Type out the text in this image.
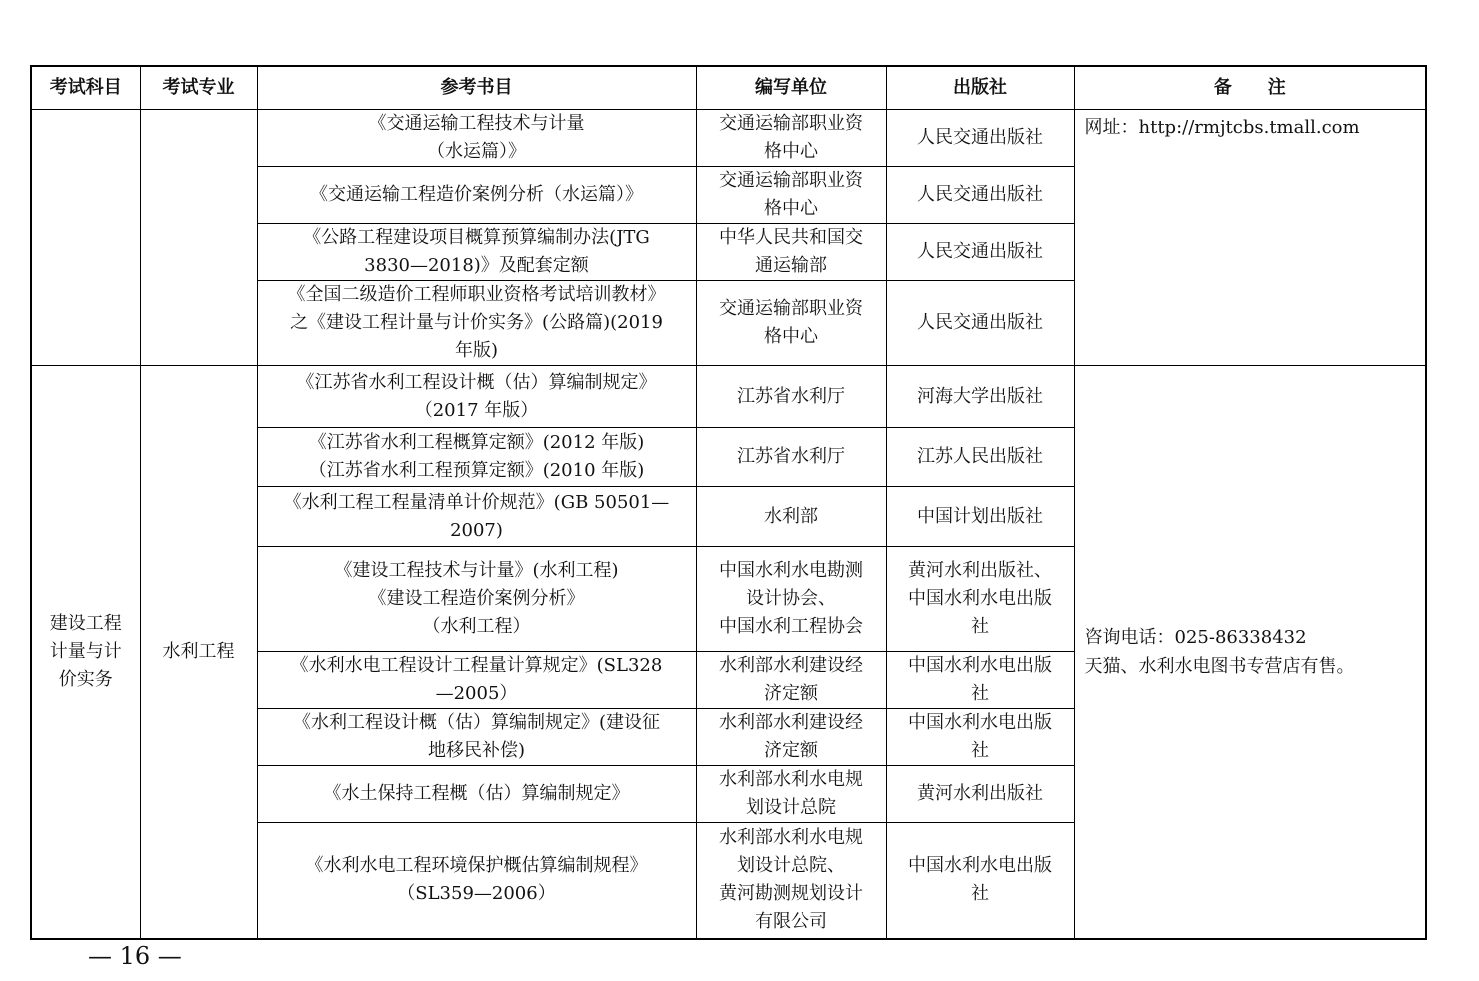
考试科目	考试专业	参考书目	编写单位	出版社	备　　注

		《交通运输工程技术与计量
（水运篇）》	交通运输部职业资
格中心	人民交通出版社	网址：http://rmjtcbs.tmall.com

		《交通运输工程造价案例分析（水运篇）》	交通运输部职业资
格中心	人民交通出版社	

		《公路工程建设项目概算预算编制办法(JTG
3830—2018)》及配套定额	中华人民共和国交
通运输部	人民交通出版社	

		《全国二级造价工程师职业资格考试培训教材》
之《建设工程计量与计价实务》(公路篇)(2019
年版)	交通运输部职业资
格中心	人民交通出版社	

建设工程
计量与计
价实务	水利工程	《江苏省水利工程设计概（估）算编制规定》
（2017 年版）	江苏省水利厅	河海大学出版社	咨询电话：025-86338432
天猫、水利水电图书专营店有售。

		《江苏省水利工程概算定额》(2012 年版)
（江苏省水利工程预算定额》(2010 年版)	江苏省水利厅	江苏人民出版社	

		《水利工程工程量清单计价规范》(GB 50501—
2007)	水利部	中国计划出版社	

		《建设工程技术与计量》(水利工程)
《建设工程造价案例分析》
（水利工程）	中国水利水电勘测
设计协会、
中国水利工程协会	黄河水利出版社、
中国水利水电出版
社	

		《水利水电工程设计工程量计算规定》(SL328
—2005）	水利部水利建设经
济定额	中国水利水电出版
社	

		《水利工程设计概（估）算编制规定》(建设征
地移民补偿)	水利部水利建设经
济定额	中国水利水电出版
社	

		《水土保持工程概（估）算编制规定》	水利部水利水电规
划设计总院	黄河水利出版社	

		《水利水电工程环境保护概估算编制规程》
（SL359—2006）	水利部水利水电规
划设计总院、
黄河勘测规划设计
有限公司	中国水利水电出版
社	
— 16 —
